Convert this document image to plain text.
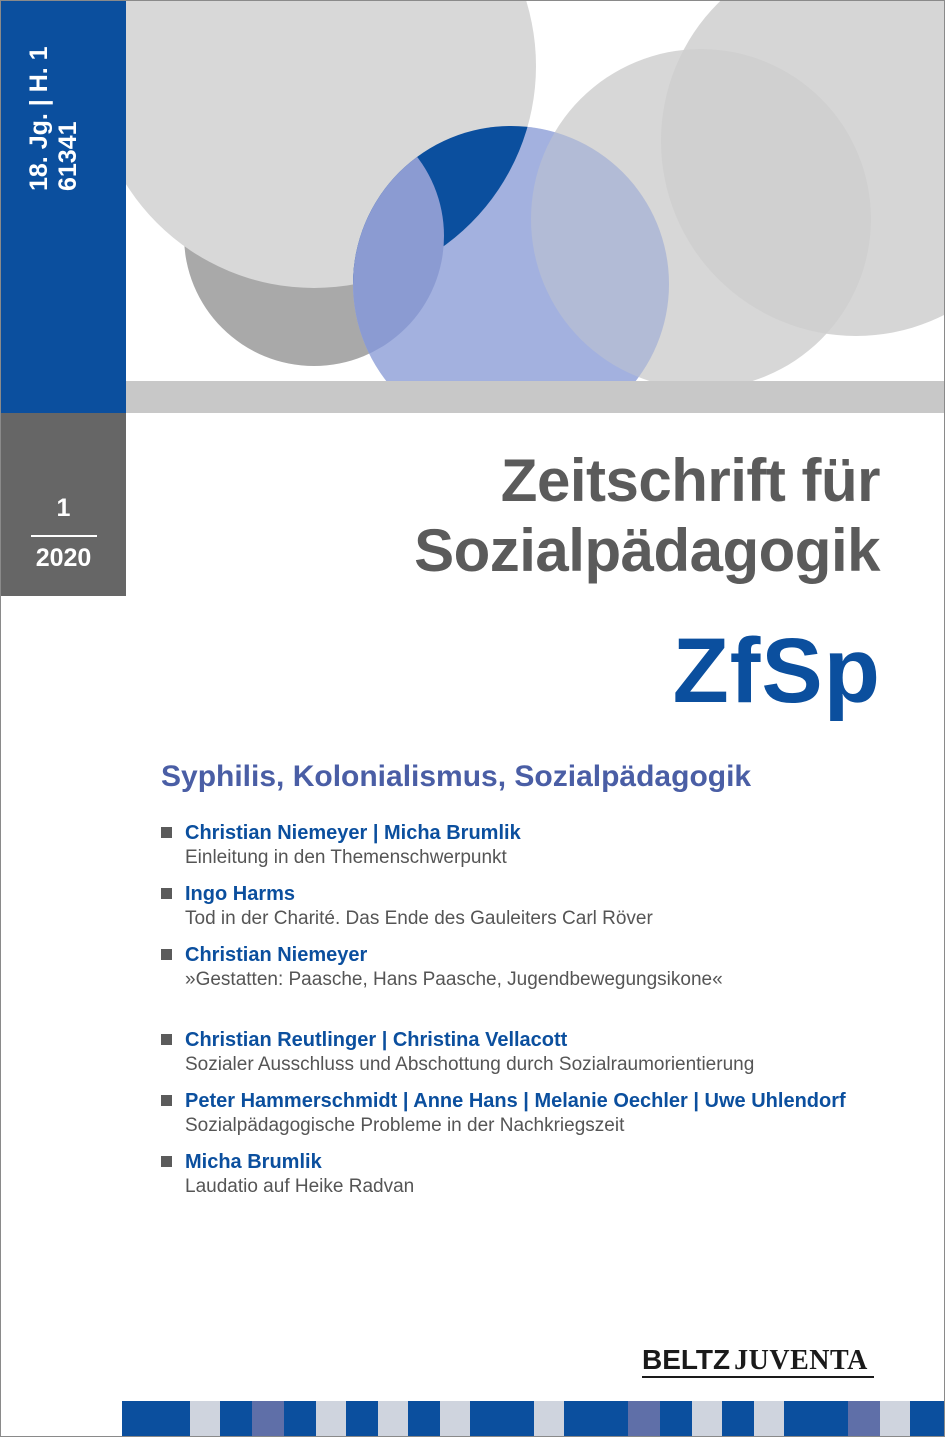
18. Jg. | H. 1 61341
1
2020
Zeitschrift für
Sozialpädagogik
ZfSp
Syphilis, Kolonialismus, Sozialpädagogik
Christian Niemeyer | Micha Brumlik
Einleitung in den Themenschwerpunkt
Ingo Harms
Tod in der Charité. Das Ende des Gauleiters Carl Röver
Christian Niemeyer
»Gestatten: Paasche, Hans Paasche, Jugendbewegungsikone«
Christian Reutlinger | Christina Vellacott
Sozialer Ausschluss und Abschottung durch Sozialraumorientierung
Peter Hammerschmidt | Anne Hans | Melanie Oechler | Uwe Uhlendorf
Sozialpädagogische Probleme in der Nachkriegszeit
Micha Brumlik
Laudatio auf Heike Radvan
BELTZ JUVENTA
